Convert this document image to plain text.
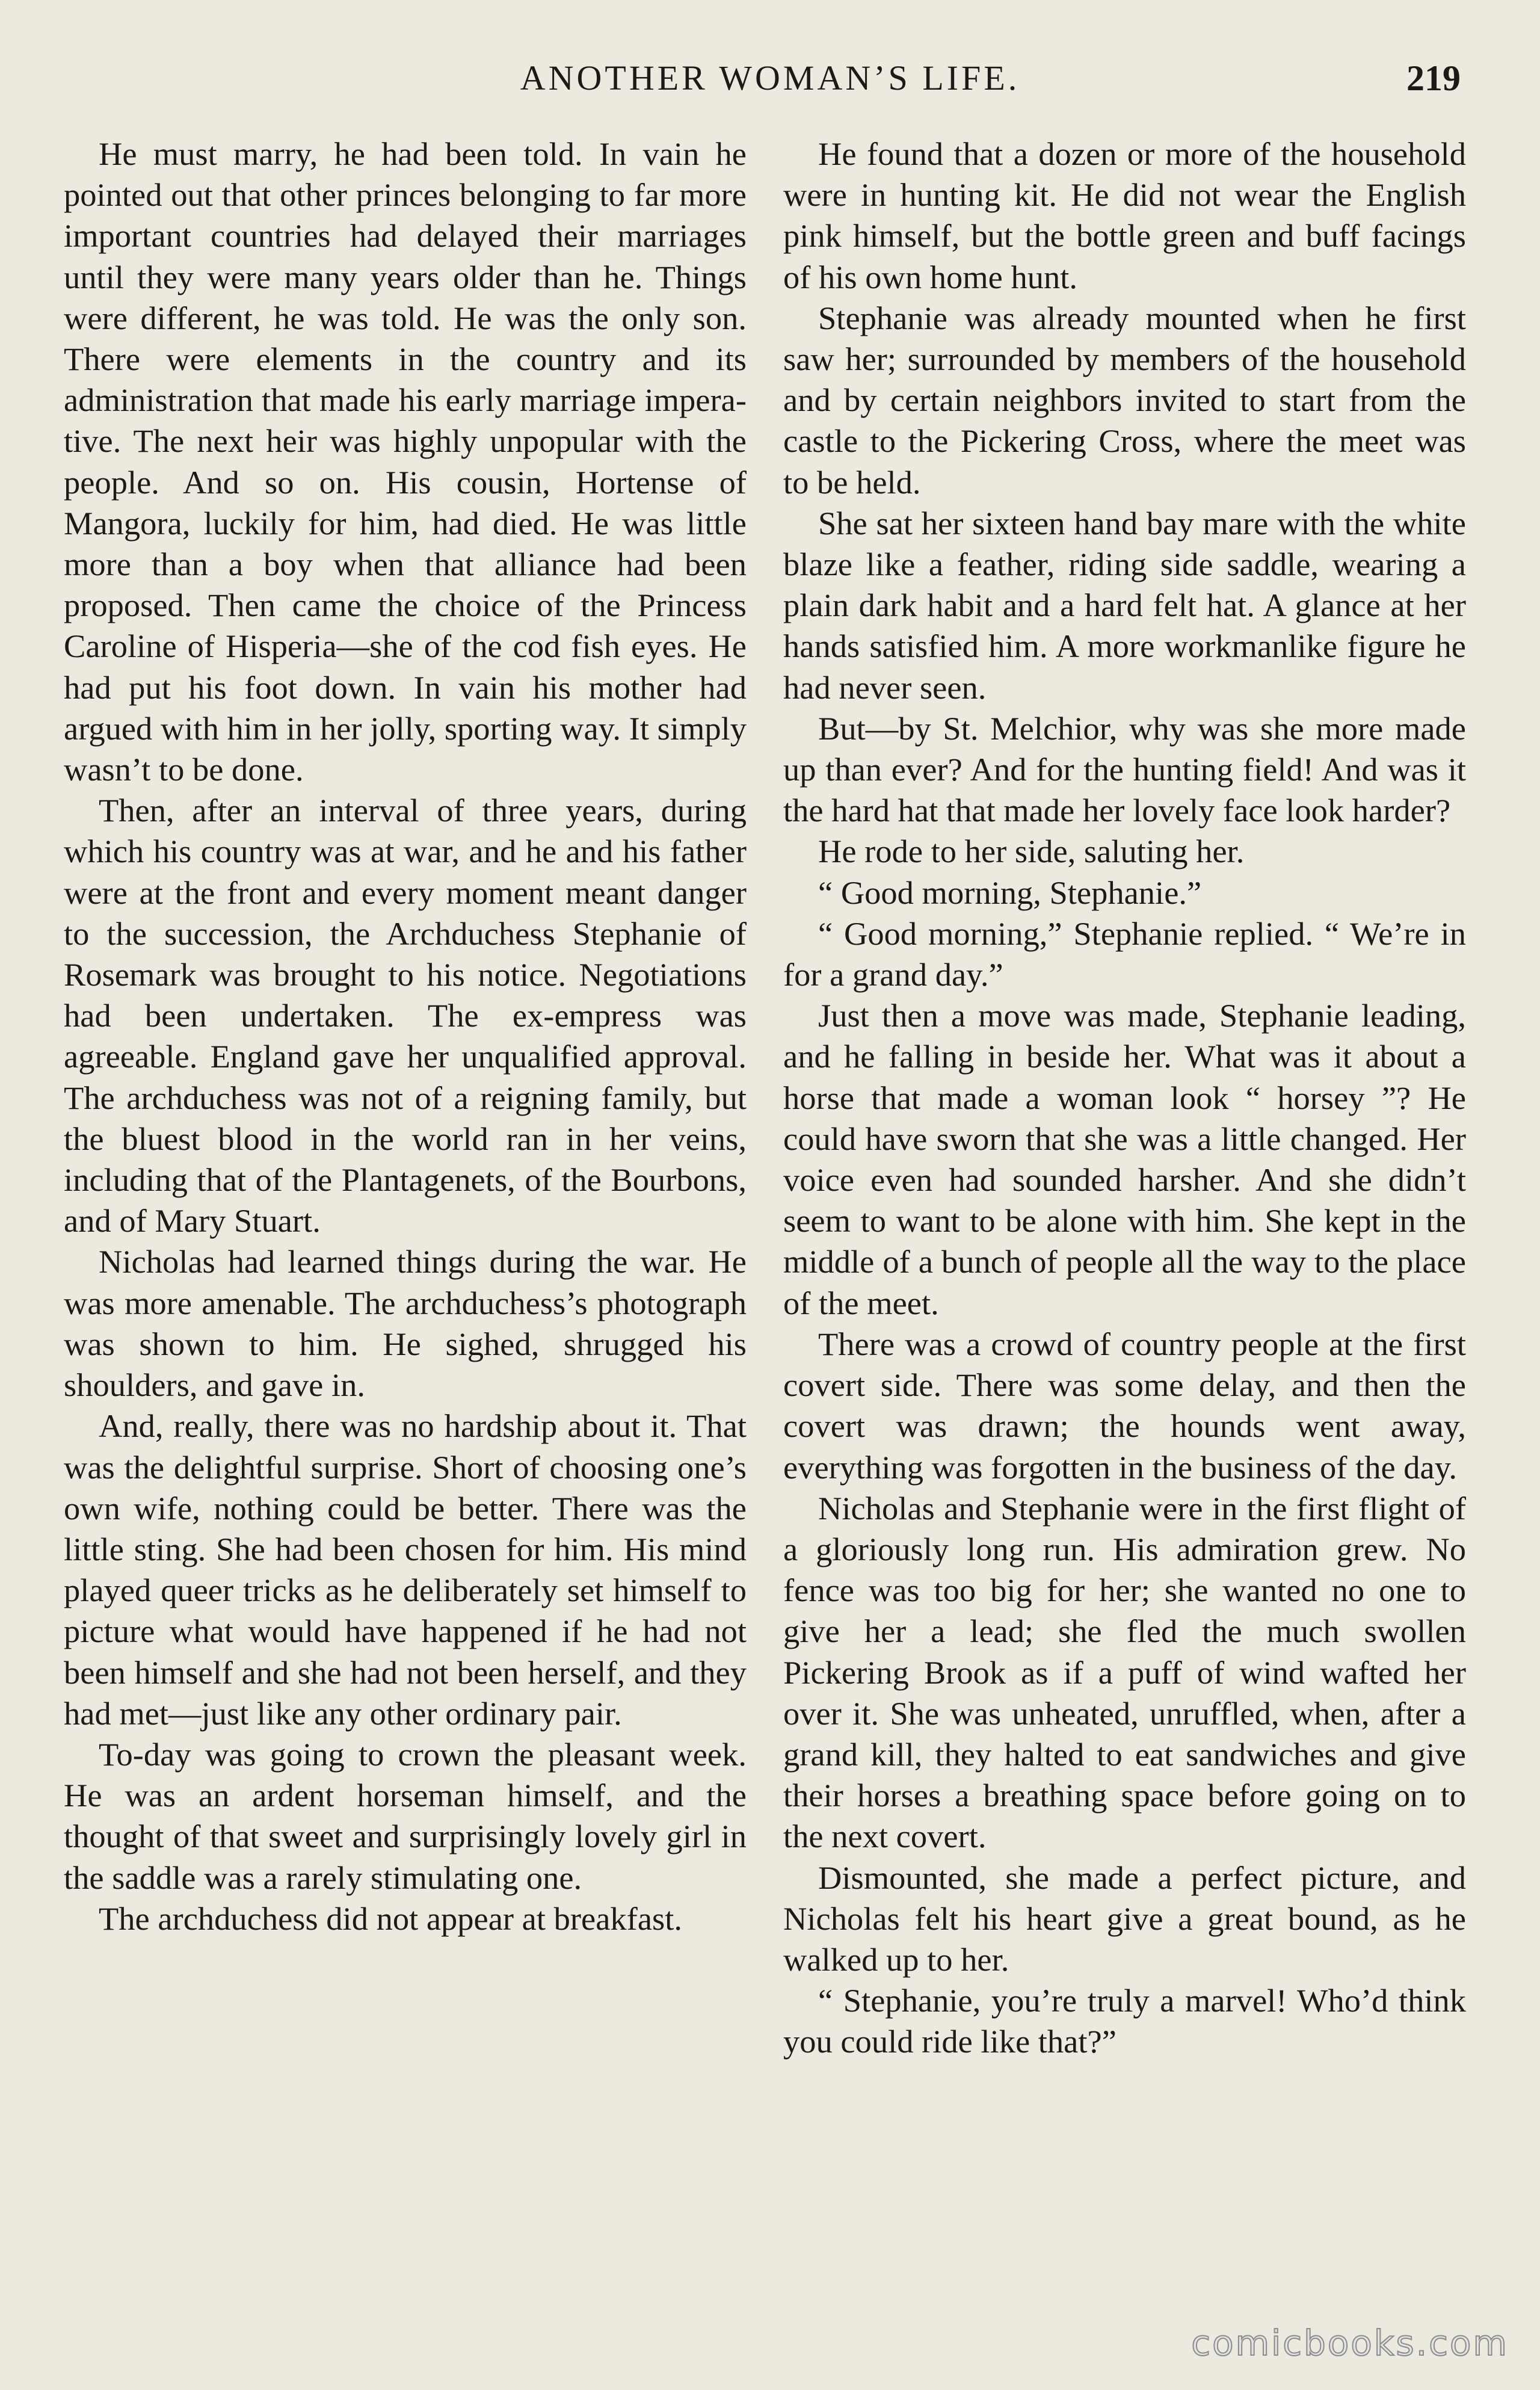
ANOTHER WOMAN’S LIFE.	219

He must marry, he had been told. In vain he pointed out that other princes belonging to far more important countries had delayed their marriages until they were many years older than he. Things were different, he was told. He was the only son. There were elements in the country and its administration that made his early marriage imperative. The next heir was highly unpopular with the people. And so on. His cousin, Hortense of Mangora, luckily for him, had died. He was little more than a boy when that alliance had been proposed. Then came the choice of the Princess Caroline of Hisperia—she of the cod fish eyes. He had put his foot down. In vain his mother had argued with him in her jolly, sporting way. It simply wasn’t to be done.

Then, after an interval of three years, during which his country was at war, and he and his father were at the front and every moment meant danger to the succession, the Archduchess Stephanie of Rosemark was brought to his notice. Negotiations had been undertaken. The ex-empress was agreeable. England gave her unqualified approval. The archduchess was not of a reigning family, but the bluest blood in the world ran in her veins, including that of the Plantagenets, of the Bourbons, and of Mary Stuart.

Nicholas had learned things during the war. He was more amenable. The archduchess’s photograph was shown to him. He sighed, shrugged his shoulders, and gave in.

And, really, there was no hardship about it. That was the delightful surprise. Short of choosing one’s own wife, nothing could be better. There was the little sting. She had been chosen for him. His mind played queer tricks as he deliberately set himself to picture what would have happened if he had not been himself and she had not been herself, and they had met—just like any other ordinary pair.

To-day was going to crown the pleasant week. He was an ardent horseman himself, and the thought of that sweet and surprisingly lovely girl in the saddle was a rarely stimulating one.

The archduchess did not appear at breakfast.

He found that a dozen or more of the household were in hunting kit. He did not wear the English pink himself, but the bottle green and buff facings of his own home hunt.

Stephanie was already mounted when he first saw her; surrounded by members of the household and by certain neighbors invited to start from the castle to the Pickering Cross, where the meet was to be held.

She sat her sixteen hand bay mare with the white blaze like a feather, riding side saddle, wearing a plain dark habit and a hard felt hat. A glance at her hands satisfied him. A more workmanlike figure he had never seen.

But—by St. Melchior, why was she more made up than ever? And for the hunting field! And was it the hard hat that made her lovely face look harder?

He rode to her side, saluting her.

“ Good morning, Stephanie.”

“ Good morning,” Stephanie replied. “ We’re in for a grand day.”

Just then a move was made, Stephanie leading, and he falling in beside her. What was it about a horse that made a woman look “ horsey ”? He could have sworn that she was a little changed. Her voice even had sounded harsher. And she didn’t seem to want to be alone with him. She kept in the middle of a bunch of people all the way to the place of the meet.

There was a crowd of country people at the first covert side. There was some delay, and then the covert was drawn; the hounds went away, everything was forgotten in the business of the day.

Nicholas and Stephanie were in the first flight of a gloriously long run. His admiration grew. No fence was too big for her; she wanted no one to give her a lead; she fled the much swollen Pickering Brook as if a puff of wind wafted her over it. She was unheated, unruffled, when, after a grand kill, they halted to eat sandwiches and give their horses a breathing space before going on to the next covert.

Dismounted, she made a perfect picture, and Nicholas felt his heart give a great bound, as he walked up to her.

“ Stephanie, you’re truly a marvel! Who’d think you could ride like that?”

comicbooks.com
